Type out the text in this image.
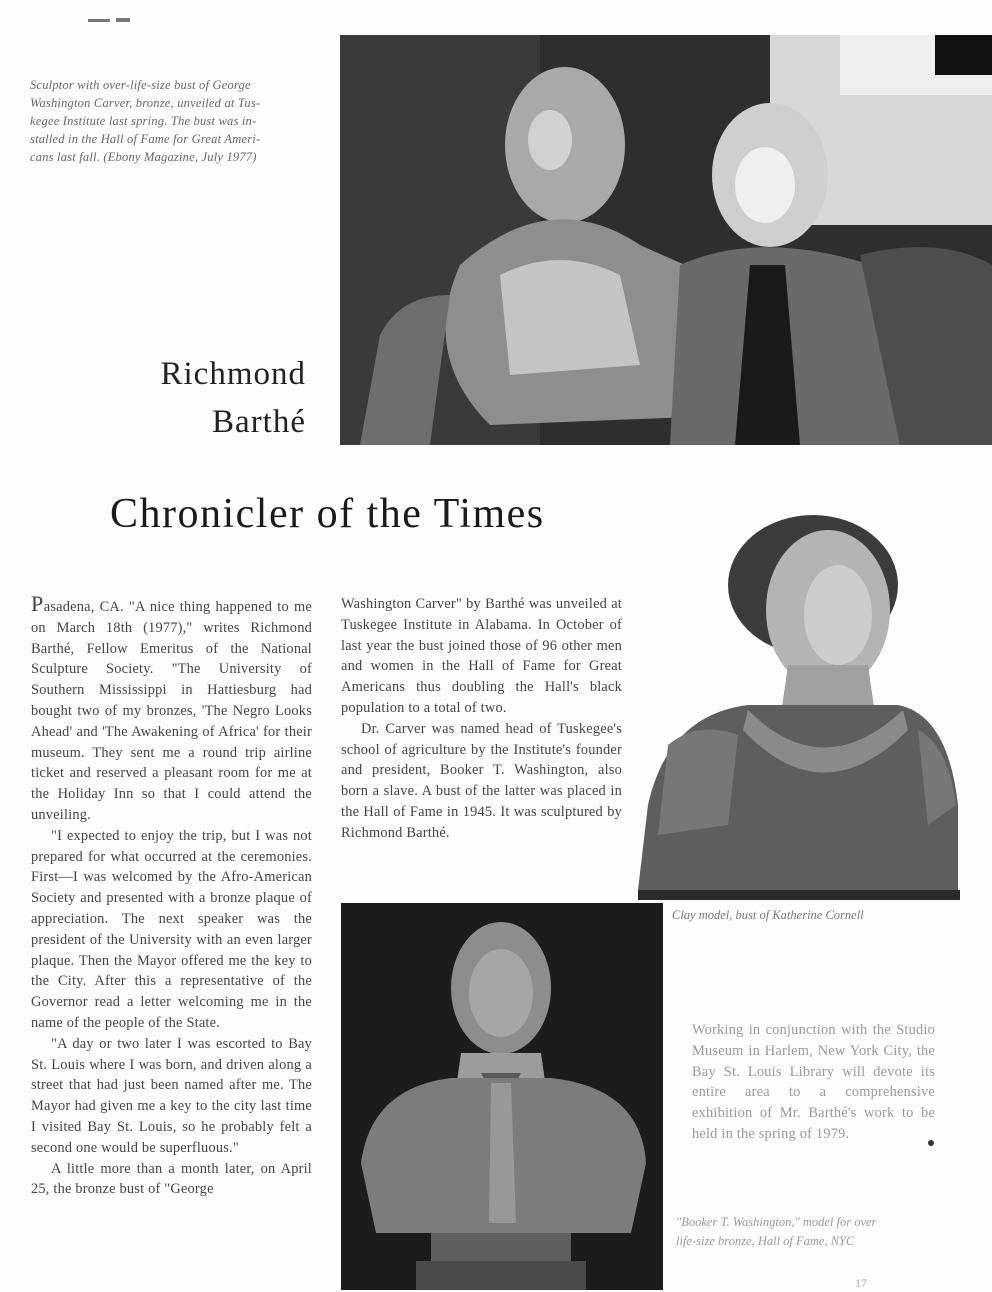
Sculptor with over-life-size bust of George
Washington Carver, bronze, unveiled at Tus-
kegee Institute last spring. The bust was in-
stalled in the Hall of Fame for Great Ameri-
cans last fall. (Ebony Magazine, July 1977)
Richmond
Barthé
Chronicler of the Times

Pasadena, CA. "A nice thing happened to me on March 18th (1977)," writes Richmond Barthé, Fellow Emeritus of the National Sculpture Society. "The University of Southern Mississippi in Hattiesburg had bought two of my bronzes, 'The Negro Looks Ahead' and 'The Awakening of Africa' for their museum. They sent me a round trip airline ticket and reserved a pleasant room for me at the Holiday Inn so that I could attend the unveiling.

"I expected to enjoy the trip, but I was not prepared for what occurred at the ceremonies. First—I was welcomed by the Afro-American Society and presented with a bronze plaque of appreciation. The next speaker was the president of the University with an even larger plaque. Then the Mayor offered me the key to the City. After this a representative of the Governor read a letter welcoming me in the name of the people of the State.

"A day or two later I was escorted to Bay St. Louis where I was born, and driven along a street that had just been named after me. The Mayor had given me a key to the city last time I visited Bay St. Louis, so he probably felt a second one would be superfluous."

A little more than a month later, on April 25, the bronze bust of "George

Washington Carver" by Barthé was unveiled at Tuskegee Institute in Alabama. In October of last year the bust joined those of 96 other men and women in the Hall of Fame for Great Americans thus doubling the Hall's black population to a total of two.

Dr. Carver was named head of Tuskegee's school of agriculture by the Institute's founder and president, Booker T. Washington, also born a slave. A bust of the latter was placed in the Hall of Fame in 1945. It was sculptured by Richmond Barthé.

Clay model, bust of Katherine Cornell
Working in conjunction with the Studio Museum in Harlem, New York City, the Bay St. Louis Library will devote its entire area to a comprehensive exhibition of Mr. Barthé's work to be held in the spring of 1979.
"Booker T. Washington," model for over
life-size bronze, Hall of Fame, NYC
17
